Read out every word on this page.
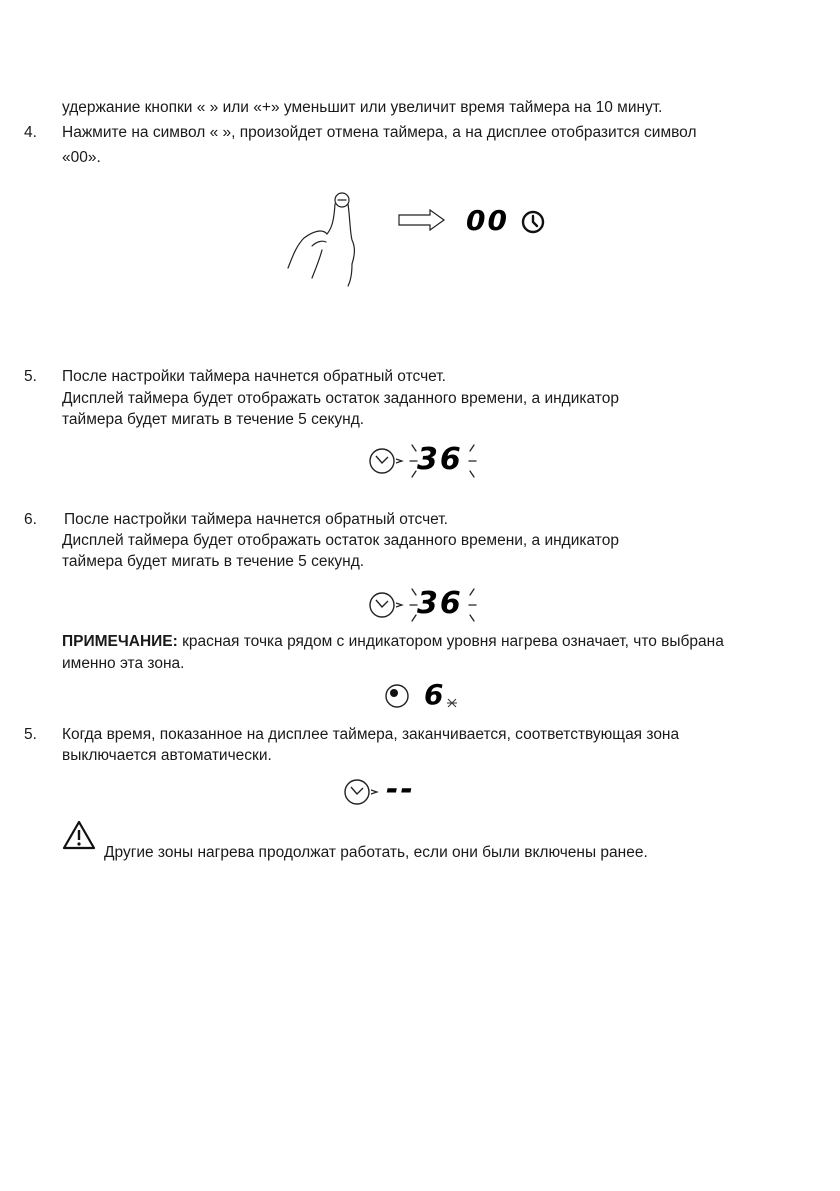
удержание кнопки « » или «+» уменьшит или увеличит время таймера на 10 минут.
4. Нажмите на символ « », произойдет отмена таймера, а на дисплее отобразится символ
«00».
00
5. После настройки таймера начнется обратный отсчет.
Дисплей таймера будет отображать остаток заданного времени, а индикатор
таймера будет мигать в течение 5 секунд.
36
6. После настройки таймера начнется обратный отсчет.
Дисплей таймера будет отображать остаток заданного времени, а индикатор
таймера будет мигать в течение 5 секунд.
36
ПРИМЕЧАНИЕ: красная точка рядом с индикатором уровня нагрева означает, что выбрана
именно эта зона.
6
5. Когда время, показанное на дисплее таймера, заканчивается, соответствующая зона
выключается автоматически.
--
Другие зоны нагрева продолжат работать, если они были включены ранее.
